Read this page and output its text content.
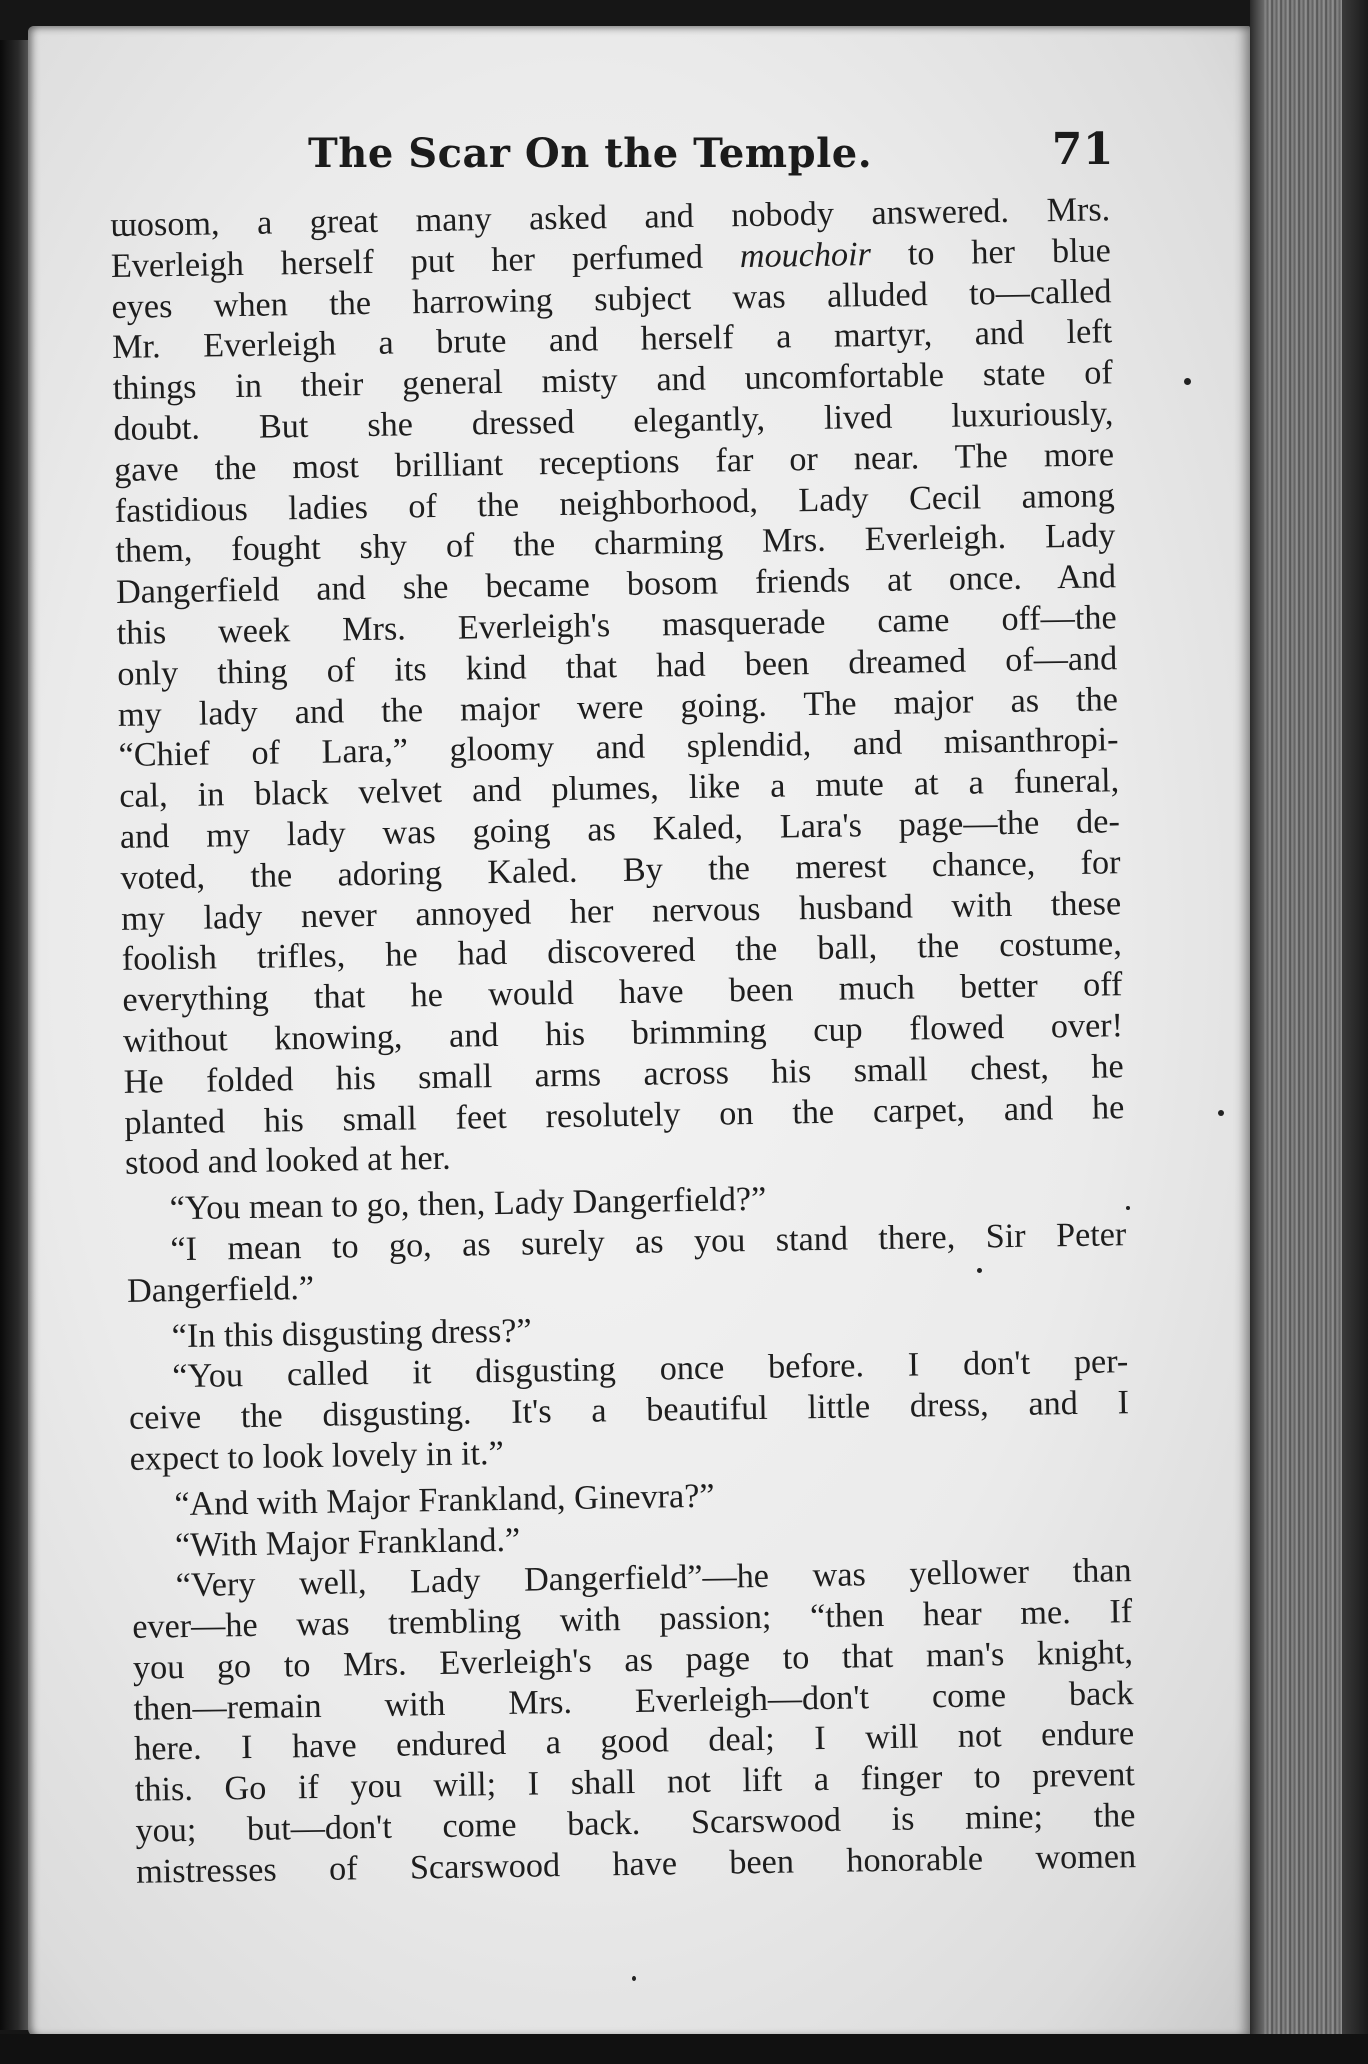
The Scar On the Temple.	71
ɯosom, a great many asked and nobody answered. Mrs.
Everleigh herself put her perfumed mouchoir to her blue
eyes when the harrowing subject was alluded to—called
Mr. Everleigh a brute and herself a martyr, and left
things in their general misty and uncomfortable state of
doubt. But she dressed elegantly, lived luxuriously,
gave the most brilliant receptions far or near. The more
fastidious ladies of the neighborhood, Lady Cecil among
them, fought shy of the charming Mrs. Everleigh. Lady
Dangerfield and she became bosom friends at once. And
this week Mrs. Everleigh's masquerade came off—the
only thing of its kind that had been dreamed of—and
my lady and the major were going. The major as the
“Chief of Lara,” gloomy and splendid, and misanthropi-
cal, in black velvet and plumes, like a mute at a funeral,
and my lady was going as Kaled, Lara's page—the de-
voted, the adoring Kaled. By the merest chance, for
my lady never annoyed her nervous husband with these
foolish trifles, he had discovered the ball, the costume,
everything that he would have been much better off
without knowing, and his brimming cup flowed over!
He folded his small arms across his small chest, he
planted his small feet resolutely on the carpet, and he
stood and looked at her.
“You mean to go, then, Lady Dangerfield?”
“I mean to go, as surely as you stand there, Sir Peter
Dangerfield.”
“In this disgusting dress?”
“You called it disgusting once before. I don't per-
ceive the disgusting. It's a beautiful little dress, and I
expect to look lovely in it.”
“And with Major Frankland, Ginevra?”
“With Major Frankland.”
“Very well, Lady Dangerfield”—he was yellower than
ever—he was trembling with passion; “then hear me. If
you go to Mrs. Everleigh's as page to that man's knight,
then—remain with Mrs. Everleigh—don't come back
here. I have endured a good deal; I will not endure
this. Go if you will; I shall not lift a finger to prevent
you; but—don't come back. Scarswood is mine; the
mistresses of Scarswood have been honorable women
